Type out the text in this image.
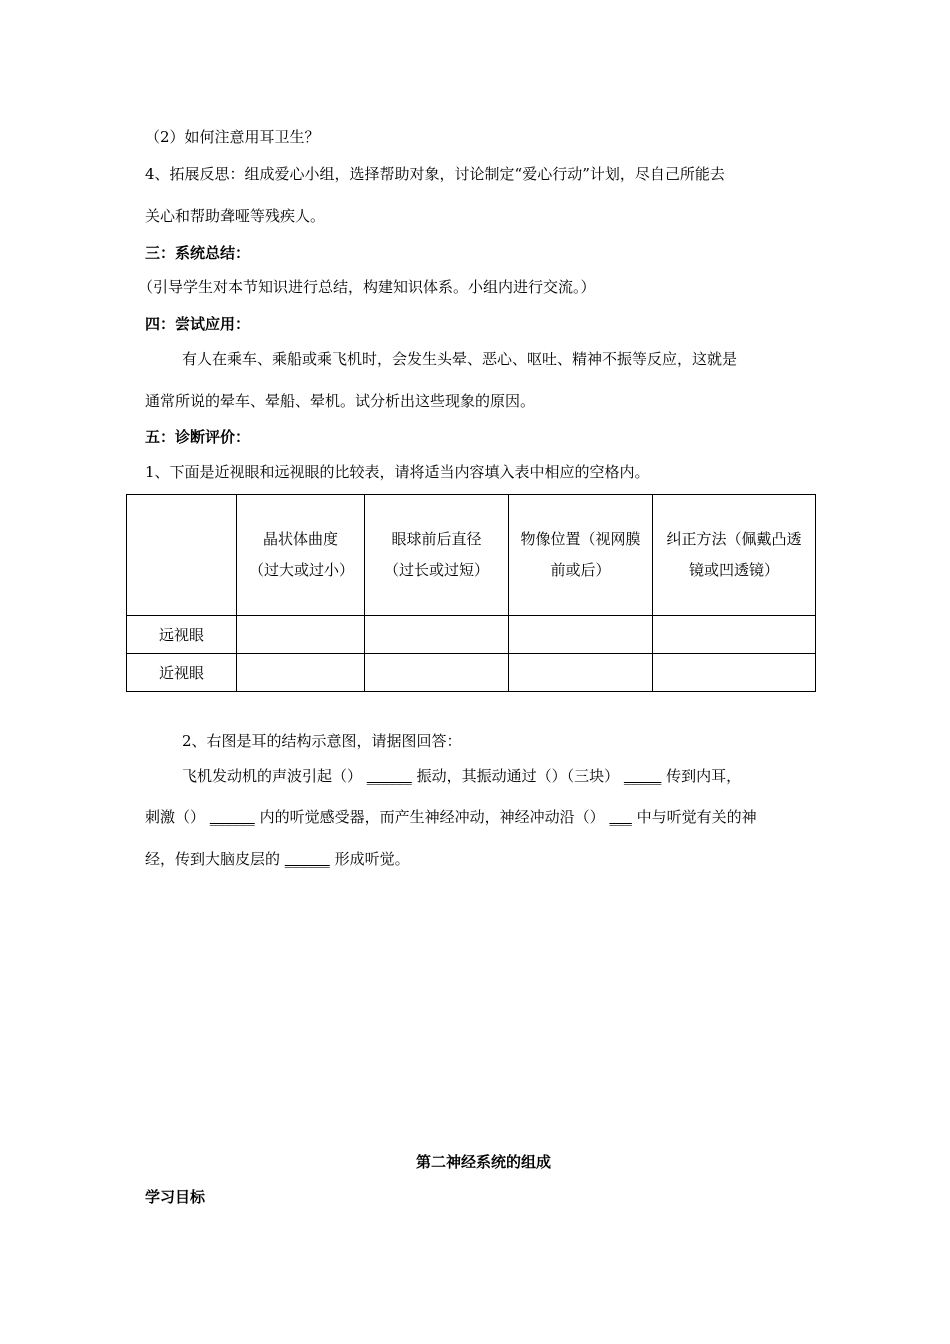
（2）如何注意用耳卫生？
4、拓展反思：组成爱心小组，选择帮助对象，讨论制定“爱心行动”计划，尽自己所能去
关心和帮助聋哑等残疾人。
三：系统总结：
（引导学生对本节知识进行总结，构建知识体系。小组内进行交流。）
四：尝试应用：
有人在乘车、乘船或乘飞机时，会发生头晕、恶心、呕吐、精神不振等反应，这就是
通常所说的晕车、晕船、晕机。试分析出这些现象的原因。
五：诊断评价：
1、下面是近视眼和远视眼的比较表，请将适当内容填入表中相应的空格内。

	晶状体曲度（过大或过小）	眼球前后直径（过长或过短）	物像位置（视网膜前或后）	纠正方法（佩戴凸透镜或凹透镜）

远视眼				
近视眼				
2、右图是耳的结构示意图，请据图回答：
飞机发动机的声波引起（） ______ 振动，其振动通过（）（三块） _____ 传到内耳，
刺激（） ______ 内的听觉感受器，而产生神经冲动，神经冲动沿（） ___ 中与听觉有关的神
经，传到大脑皮层的 ______ 形成听觉。
第二神经系统的组成
学习目标
